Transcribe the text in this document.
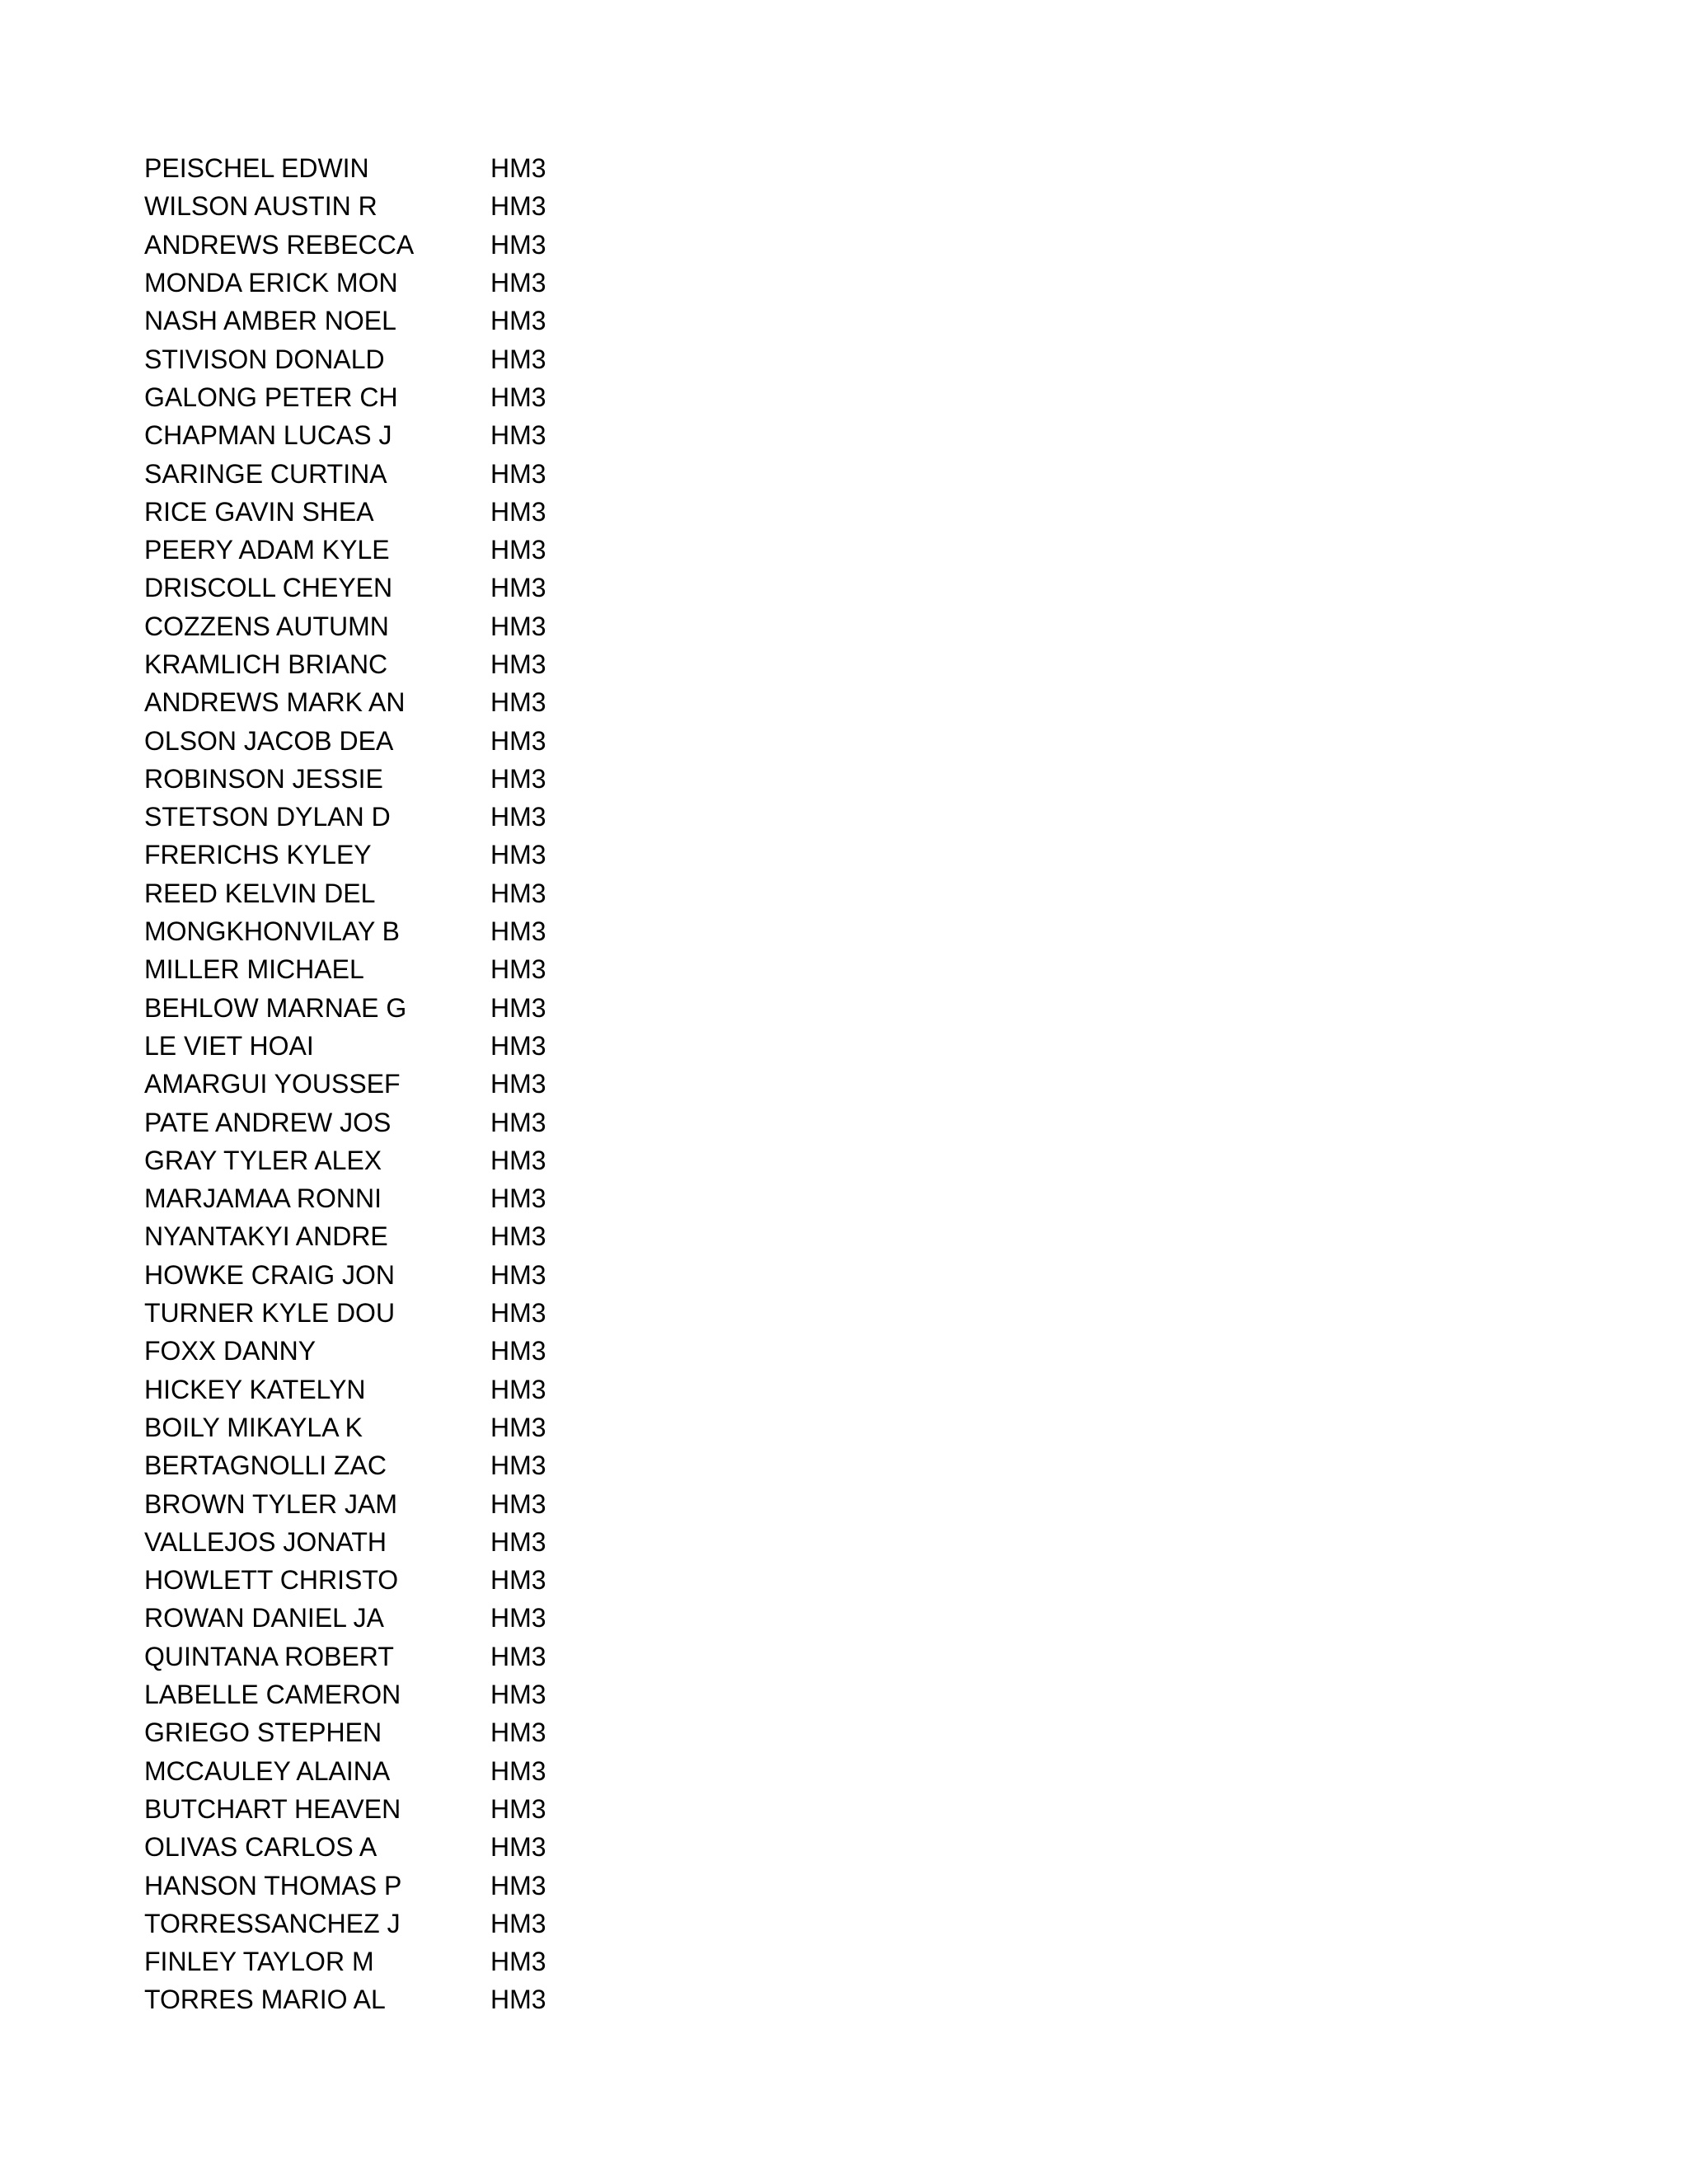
PEISCHEL EDWIN	HM3
WILSON AUSTIN R	HM3
ANDREWS REBECCA	HM3
MONDA ERICK MON	HM3
NASH AMBER NOEL	HM3
STIVISON DONALD	HM3
GALONG PETER CH	HM3
CHAPMAN LUCAS J	HM3
SARINGE CURTINA	HM3
RICE GAVIN SHEA	HM3
PEERY ADAM KYLE	HM3
DRISCOLL CHEYEN	HM3
COZZENS AUTUMN	HM3
KRAMLICH BRIANC	HM3
ANDREWS MARK AN	HM3
OLSON JACOB DEA	HM3
ROBINSON JESSIE	HM3
STETSON DYLAN D	HM3
FRERICHS KYLEY	HM3
REED KELVIN DEL	HM3
MONGKHONVILAY B	HM3
MILLER MICHAEL	HM3
BEHLOW MARNAE G	HM3
LE VIET HOAI	HM3
AMARGUI YOUSSEF	HM3
PATE ANDREW JOS	HM3
GRAY TYLER ALEX	HM3
MARJAMAA RONNI	HM3
NYANTAKYI ANDRE	HM3
HOWKE CRAIG JON	HM3
TURNER KYLE DOU	HM3
FOXX DANNY	HM3
HICKEY KATELYN	HM3
BOILY MIKAYLA K	HM3
BERTAGNOLLI ZAC	HM3
BROWN TYLER JAM	HM3
VALLEJOS JONATH	HM3
HOWLETT CHRISTO	HM3
ROWAN DANIEL JA	HM3
QUINTANA ROBERT	HM3
LABELLE CAMERON	HM3
GRIEGO STEPHEN	HM3
MCCAULEY ALAINA	HM3
BUTCHART HEAVEN	HM3
OLIVAS CARLOS A	HM3
HANSON THOMAS P	HM3
TORRESSANCHEZ J	HM3
FINLEY TAYLOR M	HM3
TORRES MARIO AL	HM3
